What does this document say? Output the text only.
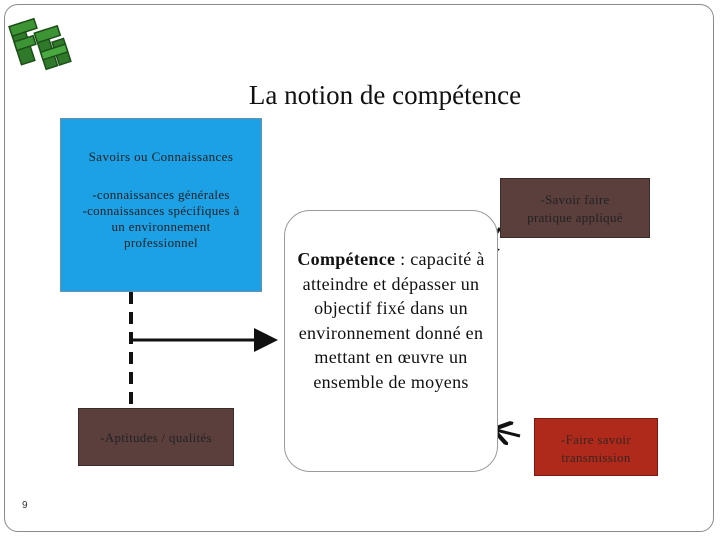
La notion de compétence
Savoirs ou Connaissances
-connaissances générales
-connaissances spécifiques à
un environnement
professionnel
-Aptitudes / qualités
-Savoir faire
pratique appliqué
-Faire savoir
transmission
Compétence : capacité à atteindre et dépasser un objectif fixé dans un environnement donné en mettant en œuvre un ensemble de moyens
9
